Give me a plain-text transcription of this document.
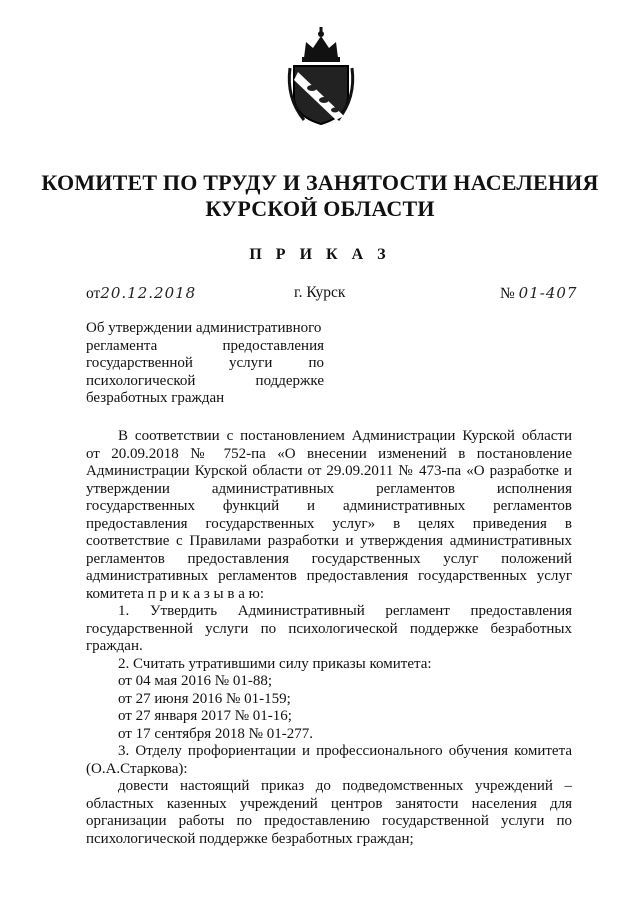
КОМИТЕТ ПО ТРУДУ И ЗАНЯТОСТИ НАСЕЛЕНИЯ
КУРСКОЙ ОБЛАСТИ
П Р И К А З
от20.12.2018	г. Курск	№ 01-407
Об утверждении административного
регламента предоставления
государственной услуги по
психологической поддержке
безработных граждан
В соответствии с постановлением Администрации Курской области
от 20.09.2018 № 752-па «О внесении изменений в постановление
Администрации Курской области от 29.09.2011 № 473-па «О разработке и
утверждении административных регламентов исполнения
государственных функций и административных регламентов
предоставления государственных услуг» в целях приведения в
соответствие с Правилами разработки и утверждения административных
регламентов предоставления государственных услуг положений
административных регламентов предоставления государственных услуг
комитета п р и к а з ы в а ю:
1. Утвердить Административный регламент предоставления
государственной услуги по психологической поддержке безработных
граждан.
2. Считать утратившими силу приказы комитета:
от 04 мая 2016 № 01-88;
от 27 июня 2016 № 01-159;
от 27 января 2017 № 01-16;
от 17 сентября 2018 № 01-277.
3. Отделу профориентации и профессионального обучения комитета
(О.А.Старкова):
довести настоящий приказ до подведомственных учреждений –
областных казенных учреждений центров занятости населения для
организации работы по предоставлению государственной услуги по
психологической поддержке безработных граждан;
